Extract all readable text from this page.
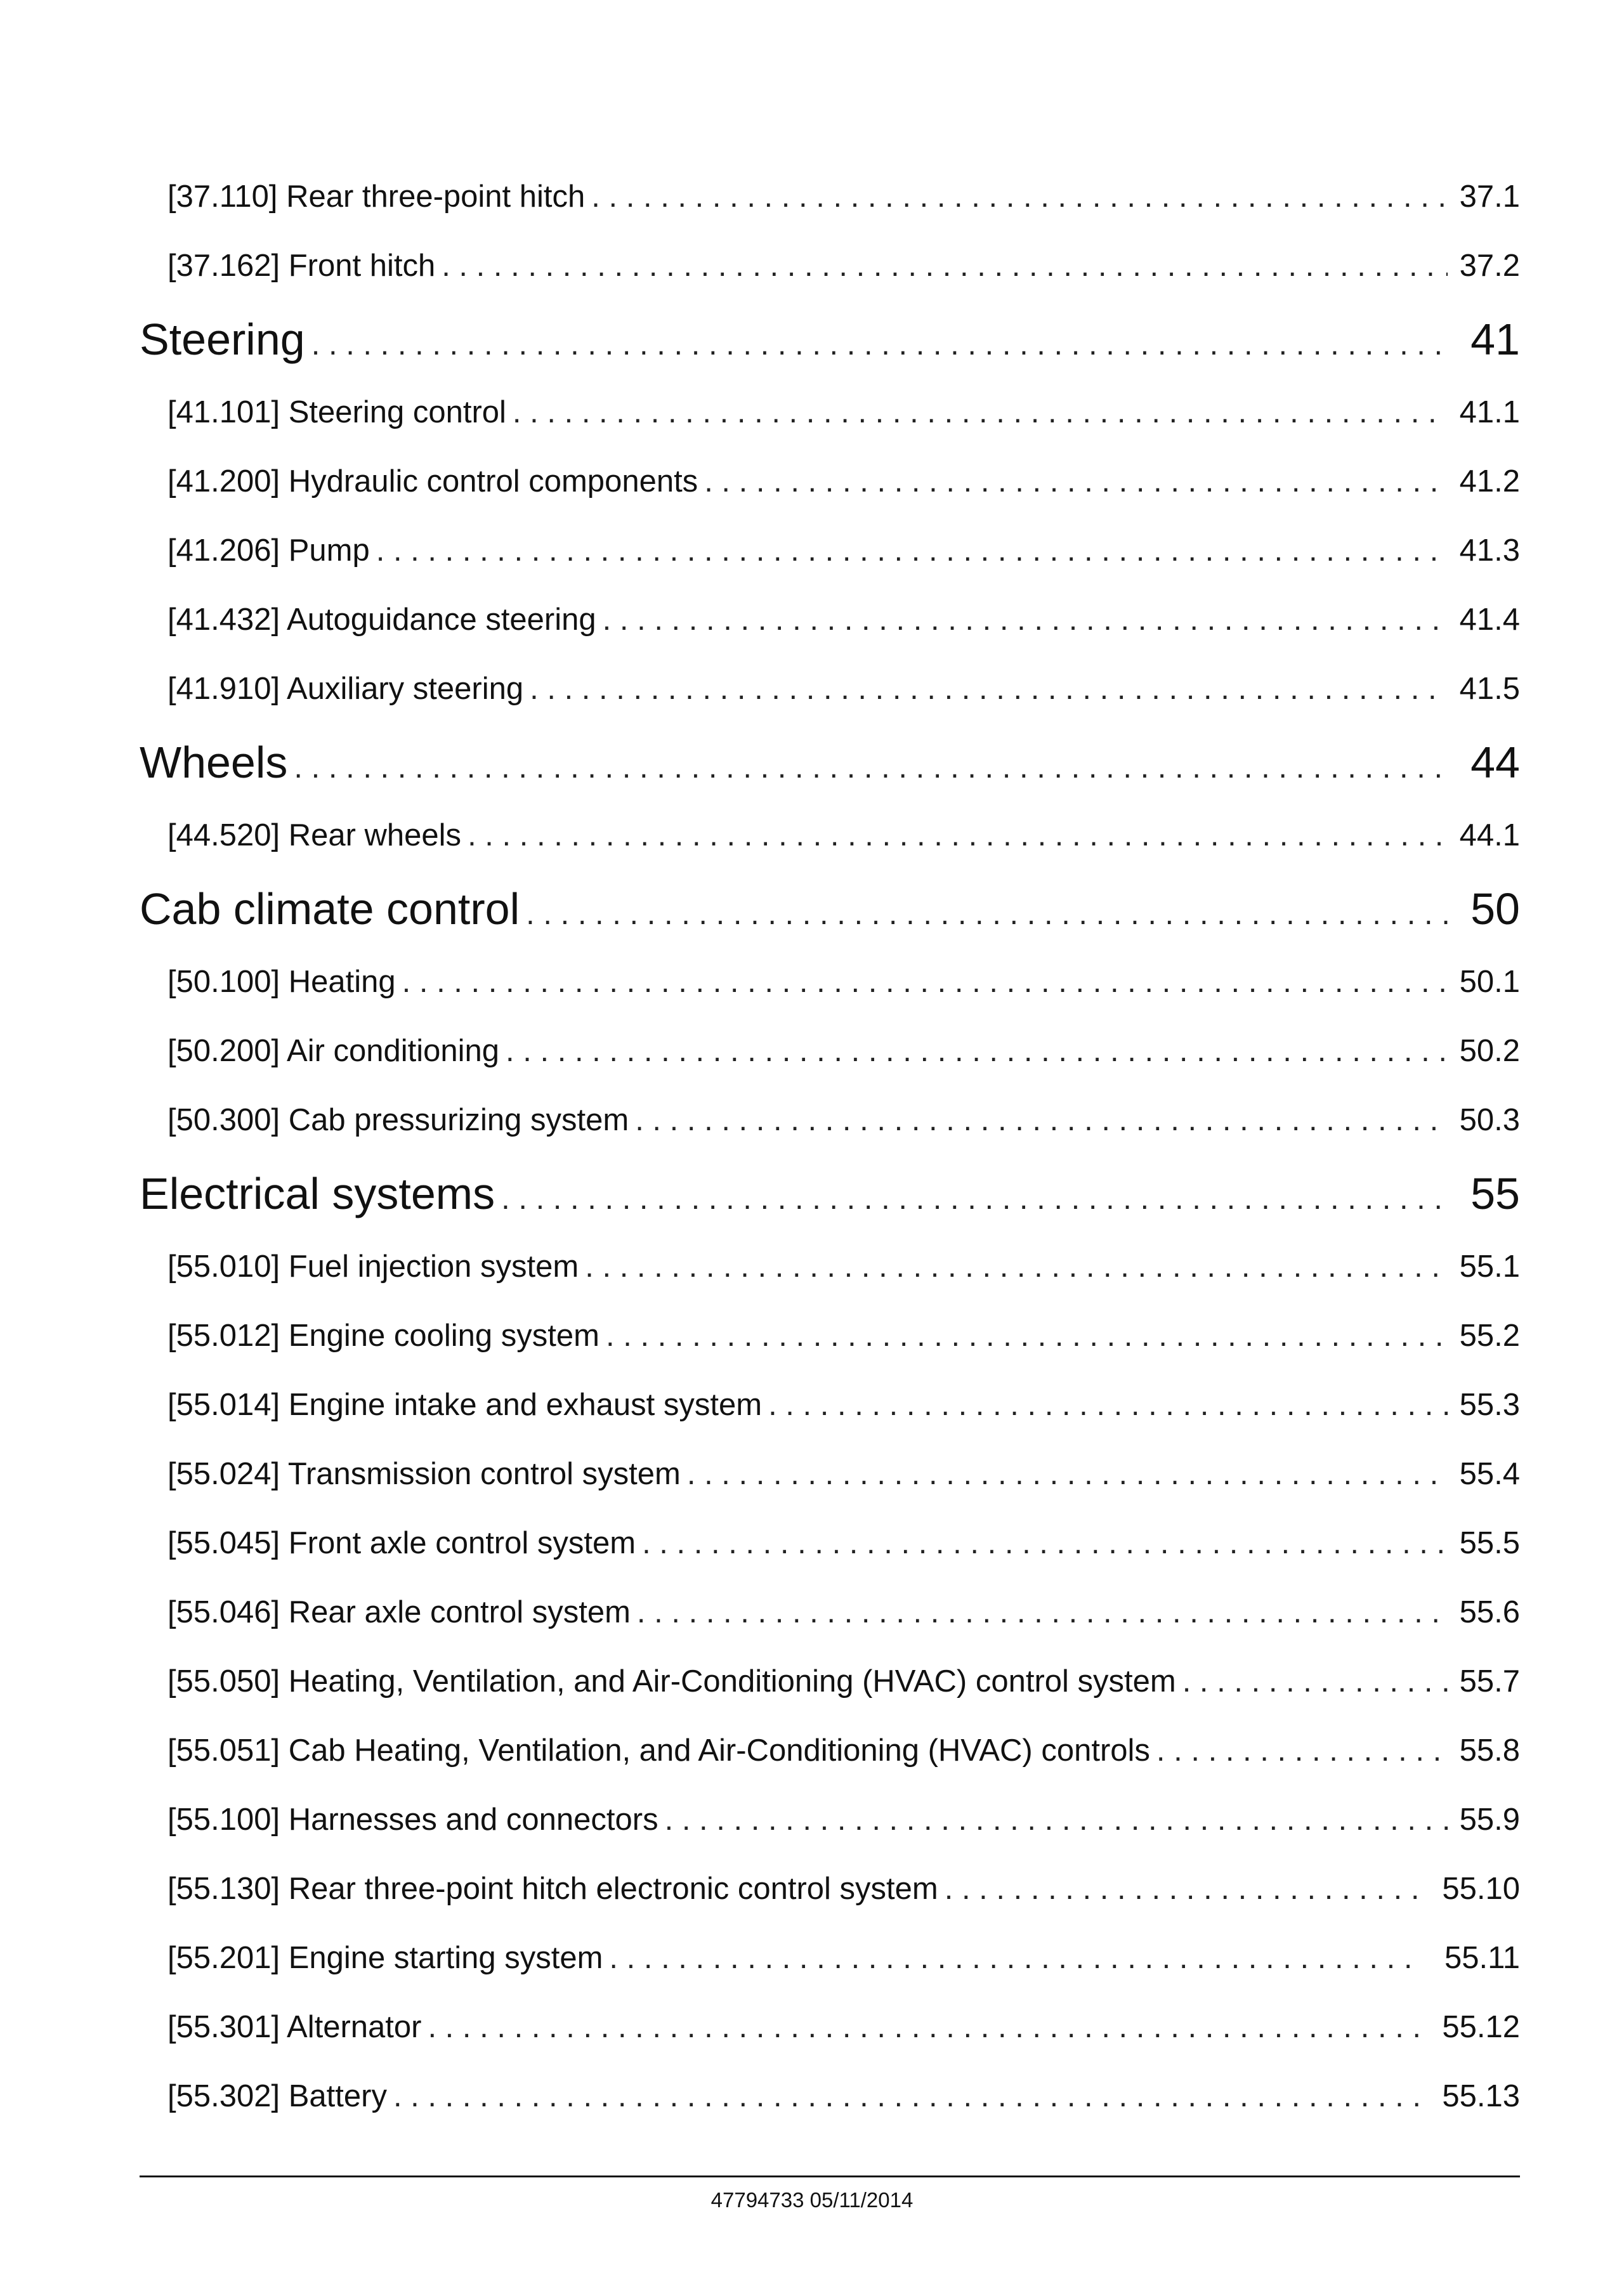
[37.110] Rear three-point hitch . . .	37.1
[37.162] Front hitch . . .	37.2
Steering . . .	41
[41.101] Steering control . . .	41.1
[41.200] Hydraulic control components . . .	41.2
[41.206] Pump . . .	41.3
[41.432] Autoguidance steering . . .	41.4
[41.910] Auxiliary steering . . .	41.5
Wheels . . .	44
[44.520] Rear wheels . . .	44.1
Cab climate control . . .	50
[50.100] Heating . . .	50.1
[50.200] Air conditioning . . .	50.2
[50.300] Cab pressurizing system . . .	50.3
Electrical systems . . .	55
[55.010] Fuel injection system . . .	55.1
[55.012] Engine cooling system . . .	55.2
[55.014] Engine intake and exhaust system . . .	55.3
[55.024] Transmission control system . . .	55.4
[55.045] Front axle control system . . .	55.5
[55.046] Rear axle control system . . .	55.6
[55.050] Heating, Ventilation, and Air-Conditioning (HVAC) control system . . .	55.7
[55.051] Cab Heating, Ventilation, and Air-Conditioning (HVAC) controls . . .	55.8
[55.100] Harnesses and connectors . . .	55.9
[55.130] Rear three-point hitch electronic control system . . .	55.10
[55.201] Engine starting system . . .	55.11
[55.301] Alternator . . .	55.12
[55.302] Battery . . .	55.13
47794733 05/11/2014
